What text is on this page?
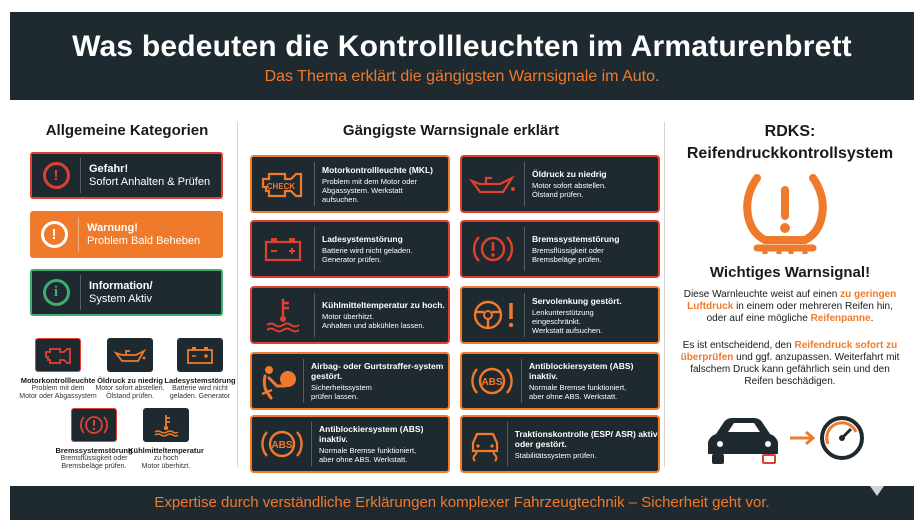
Was bedeuten die Kontrollleuchten im Armaturenbrett
Das Thema erklärt die gängigsten Warnsignale im Auto.
Allgemeine Kategorien
!	Gefahr!
Sofort Anhalten & Prüfen
!	Warnung!
Problem Bald Beheben
i	Information/
System Aktiv
Motorkontrollleuchte
Problem mit dem
Motor oder Abgassystem
Öldruck zu niedrig
Motor sofort abstellen.
Ölstand prüfen.
Ladesystemstörung
Batterie wird nicht
geladen. Generator
Bremssystemstörung
Bremsflüssigkeit oder
Bremsbeläge prüfen.
Kühlmitteltemperatur
zu hoch
Motor überhitzt.
Gängigste Warnsignale erklärt
CHECK
Motorkontrollleuchte (MKL)
Problem mit dem Motor oder
Abgassystem. Werkstatt
aufsuchen.
Öldruck zu niedrig
Motor sofort abstellen.
Ölstand prüfen.
Ladesystemstörung
Batterie wird nicht geladen.
Generator prüfen.
Bremssystemstörung
Bremsflüssigkeit oder
Bremsbeläge prüfen.
Kühlmitteltemperatur zu hoch.
Motor überhitzt.
Anhalten und abkühlen lassen.
Servolenkung gestört.
Lenkunterstützung
eingeschränkt.
Werkstatt aufsuchen.
Airbag- oder Gurtstraffer-system gestört.
Sicherheitssystem
prüfen lassen.
ABS
Antiblockiersystem (ABS) inaktiv.
Normale Bremse funktioniert,
aber ohne ABS. Werkstatt.
ABS
Antiblockiersystem (ABS) inaktiv.
Normale Bremse funktioniert,
aber ohne ABS. Werkstatt.
Traktionskontrolle (ESP/ ASR) aktiv oder gestört.
Stabilitätssystem prüfen.
RDKS:
Reifendruckkontrollsystem
Wichtiges Warnsignal!
Diese Warnleuchte weist auf einen zu geringen Luftdruck in einem oder mehreren Reifen hin, oder auf eine mögliche Reifenpanne.
Es ist entscheidend, den Reifendruck sofort zu überprüfen und ggf. anzupassen. Weiterfahrt mit falschem Druck kann gefährlich sein und den Reifen beschädigen.
Expertise durch verständliche Erklärungen komplexer Fahrzeugtechnik – Sicherheit geht vor.
